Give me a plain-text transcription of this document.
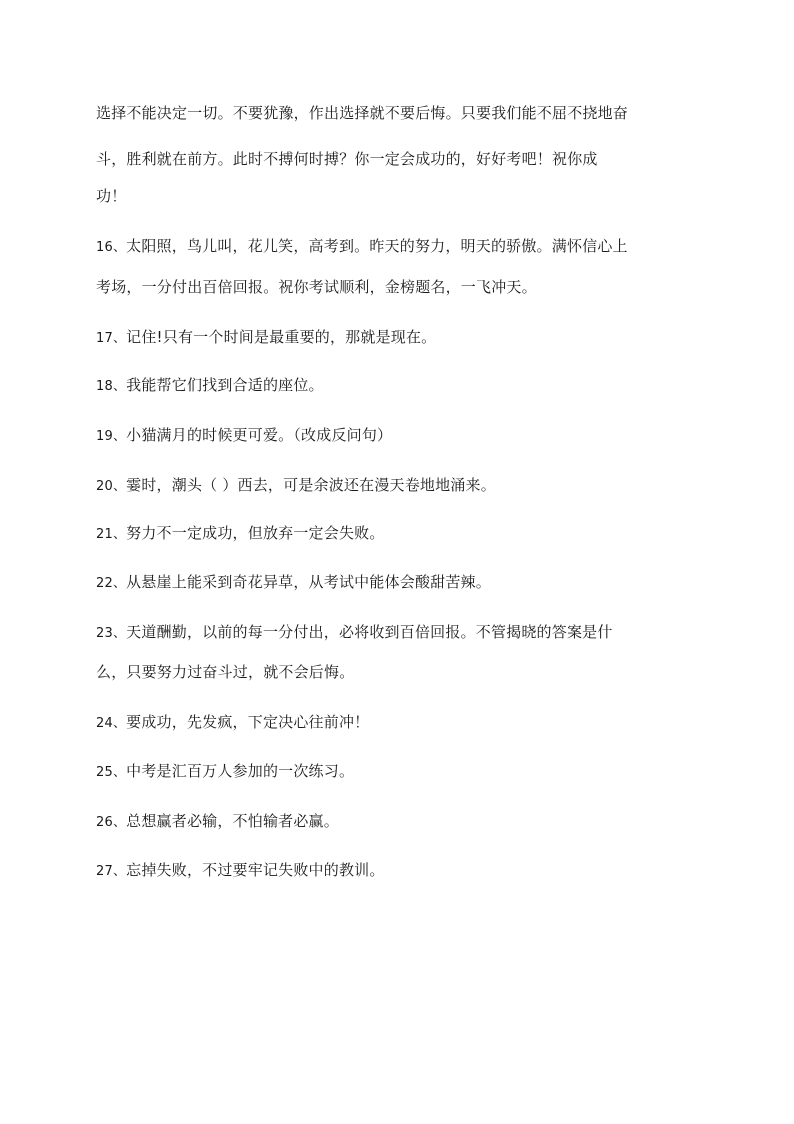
选择不能决定一切。不要犹豫，作出选择就不要后悔。只要我们能不屈不挠地奋
斗，胜利就在前方。此时不搏何时搏？你一定会成功的，好好考吧！祝你成
功！
16、太阳照，鸟儿叫，花儿笑，高考到。昨天的努力，明天的骄傲。满怀信心上
考场，一分付出百倍回报。祝你考试顺利，金榜题名，一飞冲天。
17、记住!只有一个时间是最重要的，那就是现在。
18、我能帮它们找到合适的座位。
19、小猫满月的时候更可爱。（改成反问句）
20、霎时，潮头（ ）西去，可是余波还在漫天卷地地涌来。
21、努力不一定成功，但放弃一定会失败。
22、从悬崖上能采到奇花异草，从考试中能体会酸甜苦辣。
23、天道酬勤，以前的每一分付出，必将收到百倍回报。不管揭晓的答案是什
么，只要努力过奋斗过，就不会后悔。
24、要成功，先发疯，下定决心往前冲！
25、中考是汇百万人参加的一次练习。
26、总想赢者必输，不怕输者必赢。
27、忘掉失败，不过要牢记失败中的教训。
